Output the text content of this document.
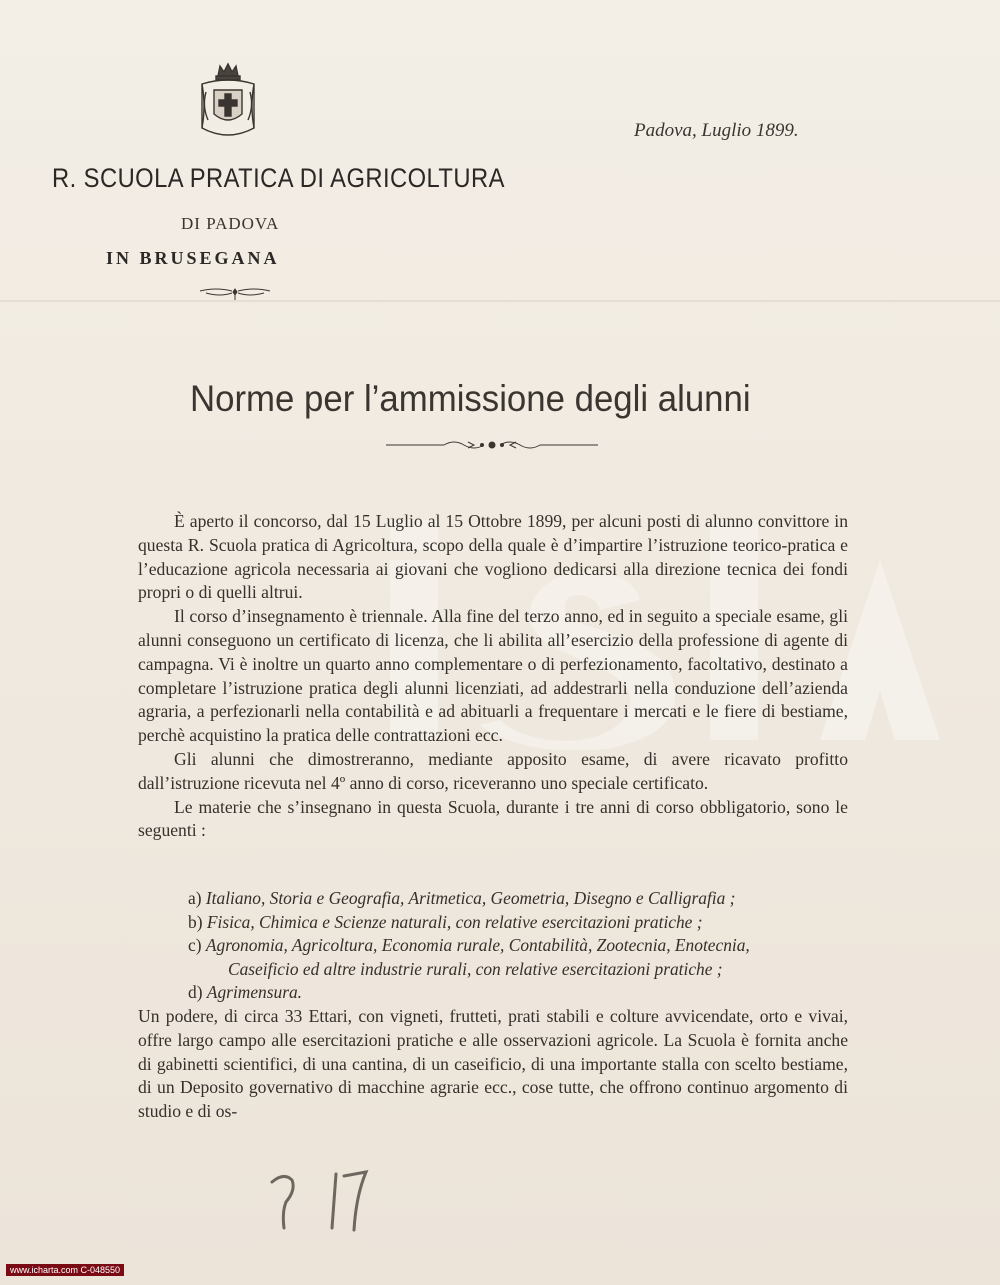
Padova, Luglio 1899.
R. SCUOLA PRATICA DI AGRICOLTURA
DI PADOVA
IN BRUSEGANA
Norme per l’ammissione degli alunni

È aperto il concorso, dal 15 Luglio al 15 Ottobre 1899, per alcuni posti di alunno convittore in questa R. Scuola pratica di Agricoltura, scopo della quale è d’impartire l’istruzione teorico-pratica e l’educazione agricola necessaria ai giovani che vogliono dedicarsi alla direzione tecnica dei fondi propri o di quelli altrui.

Il corso d’insegnamento è triennale. Alla fine del terzo anno, ed in seguito a speciale esame, gli alunni conseguono un certificato di licenza, che li abilita all’esercizio della professione di agente di campagna. Vi è inoltre un quarto anno complementare o di perfezionamento, facoltativo, destinato a completare l’istruzione pratica degli alunni licenziati, ad addestrarli nella conduzione dell’azienda agraria, a perfezionarli nella contabilità e ad abituarli a frequentare i mercati e le fiere di bestiame, perchè acquistino la pratica delle contrattazioni ecc.

Gli alunni che dimostreranno, mediante apposito esame, di avere ricavato profitto dall’istruzione ricevuta nel 4º anno di corso, riceveranno uno speciale certificato.

Le materie che s’insegnano in questa Scuola, durante i tre anni di corso obbligatorio, sono le seguenti :

a) Italiano, Storia e Geografia, Aritmetica, Geometria, Disegno e Calligrafia ;

b) Fisica, Chimica e Scienze naturali, con relative esercitazioni pratiche ;

c) Agronomia, Agricoltura, Economia rurale, Contabilità, Zootecnia, Enotecnia,

Caseificio ed altre industrie rurali, con relative esercitazioni pratiche ;

d) Agrimensura.

Un podere, di circa 33 Ettari, con vigneti, frutteti, prati stabili e colture avvicendate, orto e vivai, offre largo campo alle esercitazioni pratiche e alle osservazioni agricole. La Scuola è fornita anche di gabinetti scientifici, di una cantina, di un caseificio, di una importante stalla con scelto bestiame, di un Deposito governativo di macchine agrarie ecc., cose tutte, che offrono continuo argomento di studio e di os-

www.icharta.com C-048550
